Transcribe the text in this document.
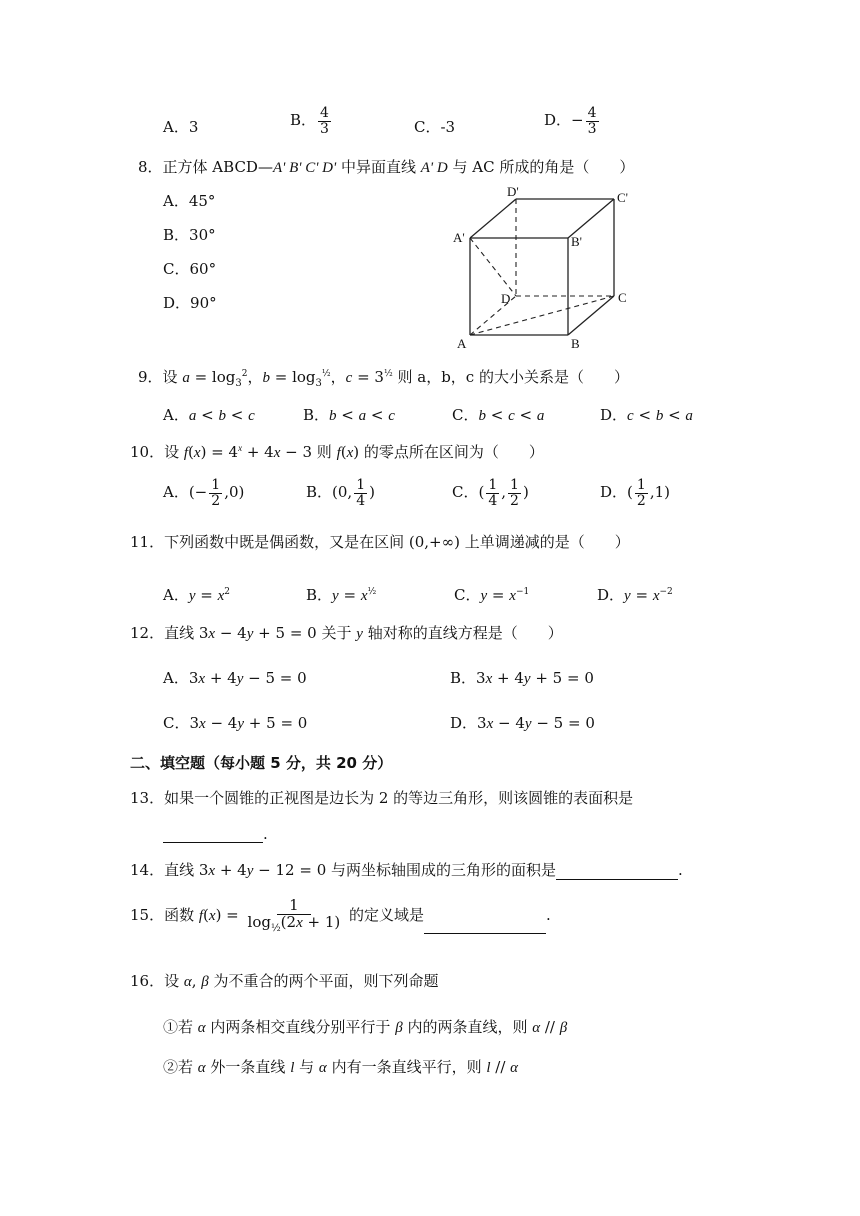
A．3	B． $\frac{4}{3}$	C．-3	D．− $\frac{4}{3}$
8．正方体 ABCD—A' B' C' D' 中异面直线 A' D 与 AC 所成的角是（　　）
A．45°
B．30°
C．60°
D．90°
D'	C'
A'	B'
D	C
A	B
9．设 $a = \log_3^2$，$b = \log_3^{\frac{1}{2}}$，$c = 3^{\frac{1}{2}}$ 则 a，b，c 的大小关系是（　　）
A．a < b < c	B．b < a < c	C．b < c < a	D．c < b < a
10．设 $f(x) = 4^x + 4x - 3$ 则 f(x) 的零点所在区间为（　　）
A．(− $\frac{1}{2} ,0$)	B．(0, $\frac{1}{4}$ )	C．( $\frac{1}{4}$ , $\frac{1}{2}$ )	D．( $\frac{1}{2} ,1$)
11．下列函数中既是偶函数，又是在区间 (0,+∞) 上单调递减的是（　　）
A．$y = x^2$	B．$y = x^{\frac{1}{2}}$	C．$y = x^{-1}$	D．$y = x^{-2}$
12．直线 3x − 4y + 5 = 0 关于 y 轴对称的直线方程是（　　）
A．3x + 4y − 5 = 0	B．3x + 4y + 5 = 0
C．3x − 4y + 5 = 0	D．3x − 4y − 5 = 0
二、填空题（每小题 5 分，共 20 分）
13．如果一个圆锥的正视图是边长为 2 的等边三角形，则该圆锥的表面积是
.
14．直线 3x + 4y − 12 = 0 与两坐标轴围成的三角形的面积是	.
15．函数 $f(x) = \frac{1}{\log_{\frac{1}{2}}(2x + 1)}$ 的定义域是	.
16．设 α, β 为不重合的两个平面，则下列命题
①若 α 内两条相交直线分别平行于 β 内的两条直线，则 α // β
②若 α 外一条直线 l 与 α 内有一条直线平行，则 l // α
